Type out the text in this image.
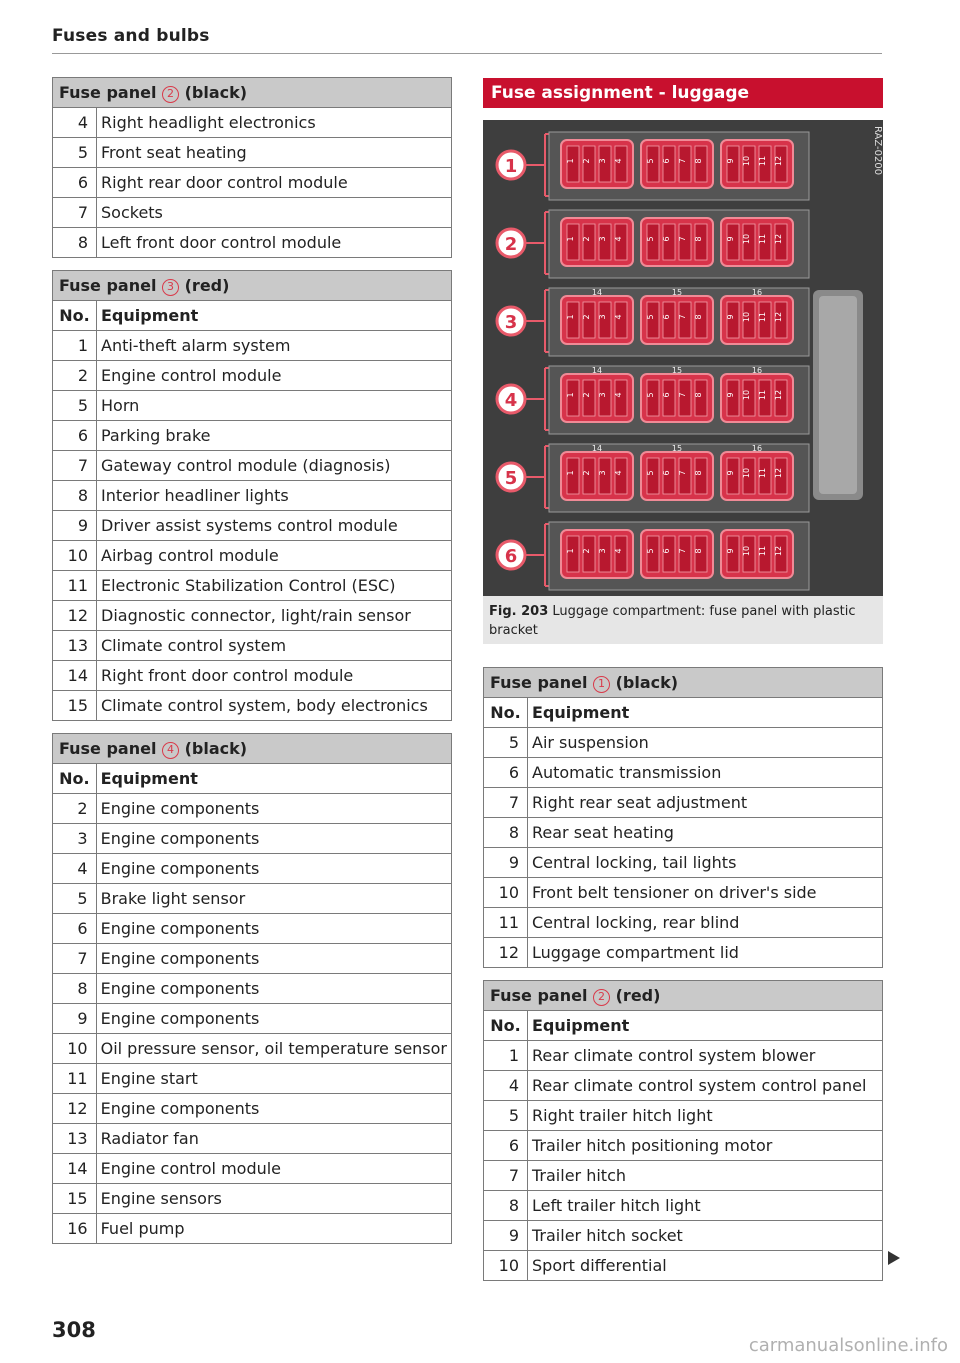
Fuses and bulbs
Fuse panel 2 (black)	
4	Right headlight electronics
5	Front seat heating
6	Right rear door control module
7	Sockets
8	Left front door control module
Fuse panel 3 (red)	
No.	Equipment
1	Anti-theft alarm system
2	Engine control module
5	Horn
6	Parking brake
7	Gateway control module (diagnosis)
8	Interior headliner lights
9	Driver assist systems control module
10	Airbag control module
11	Electronic Stabilization Control (ESC)
12	Diagnostic connector, light/rain sensor
13	Climate control system
14	Right front door control module
15	Climate control system, body electronics
Fuse panel 4 (black)	
No.	Equipment
2	Engine components
3	Engine components
4	Engine components
5	Brake light sensor
6	Engine components
7	Engine components
8	Engine components
9	Engine components
10	Oil pressure sensor, oil temperature sensor
11	Engine start
12	Engine components
13	Radiator fan
14	Engine control module
15	Engine sensors
16	Fuel pump
Fuse assignment - luggage
1 2 3 4	5 6 7 8	9 10 11 12
1
1 2 3 4	5 6 7 8	9 10 11 12
2
1 2 3 4	5 6 7 8	9 10 11 12
14	15	16
3
1 2 3 4	5 6 7 8	9 10 11 12
14	15	16
4
1 2 3 4	5 6 7 8	9 10 11 12
14	15	16
5
1 2 3 4	5 6 7 8	9 10 11 12
6
RAZ-0200
Fig. 203 Luggage compartment: fuse panel with plastic bracket
Fuse panel 1 (black)	
No.	Equipment
5	Air suspension
6	Automatic transmission
7	Right rear seat adjustment
8	Rear seat heating
9	Central locking, tail lights
10	Front belt tensioner on driver's side
11	Central locking, rear blind
12	Luggage compartment lid
Fuse panel 2 (red)	
No.	Equipment
1	Rear climate control system blower
4	Rear climate control system control panel
5	Right trailer hitch light
6	Trailer hitch positioning motor
7	Trailer hitch
8	Left trailer hitch light
9	Trailer hitch socket
10	Sport differential
308
carmanualsonline.info
